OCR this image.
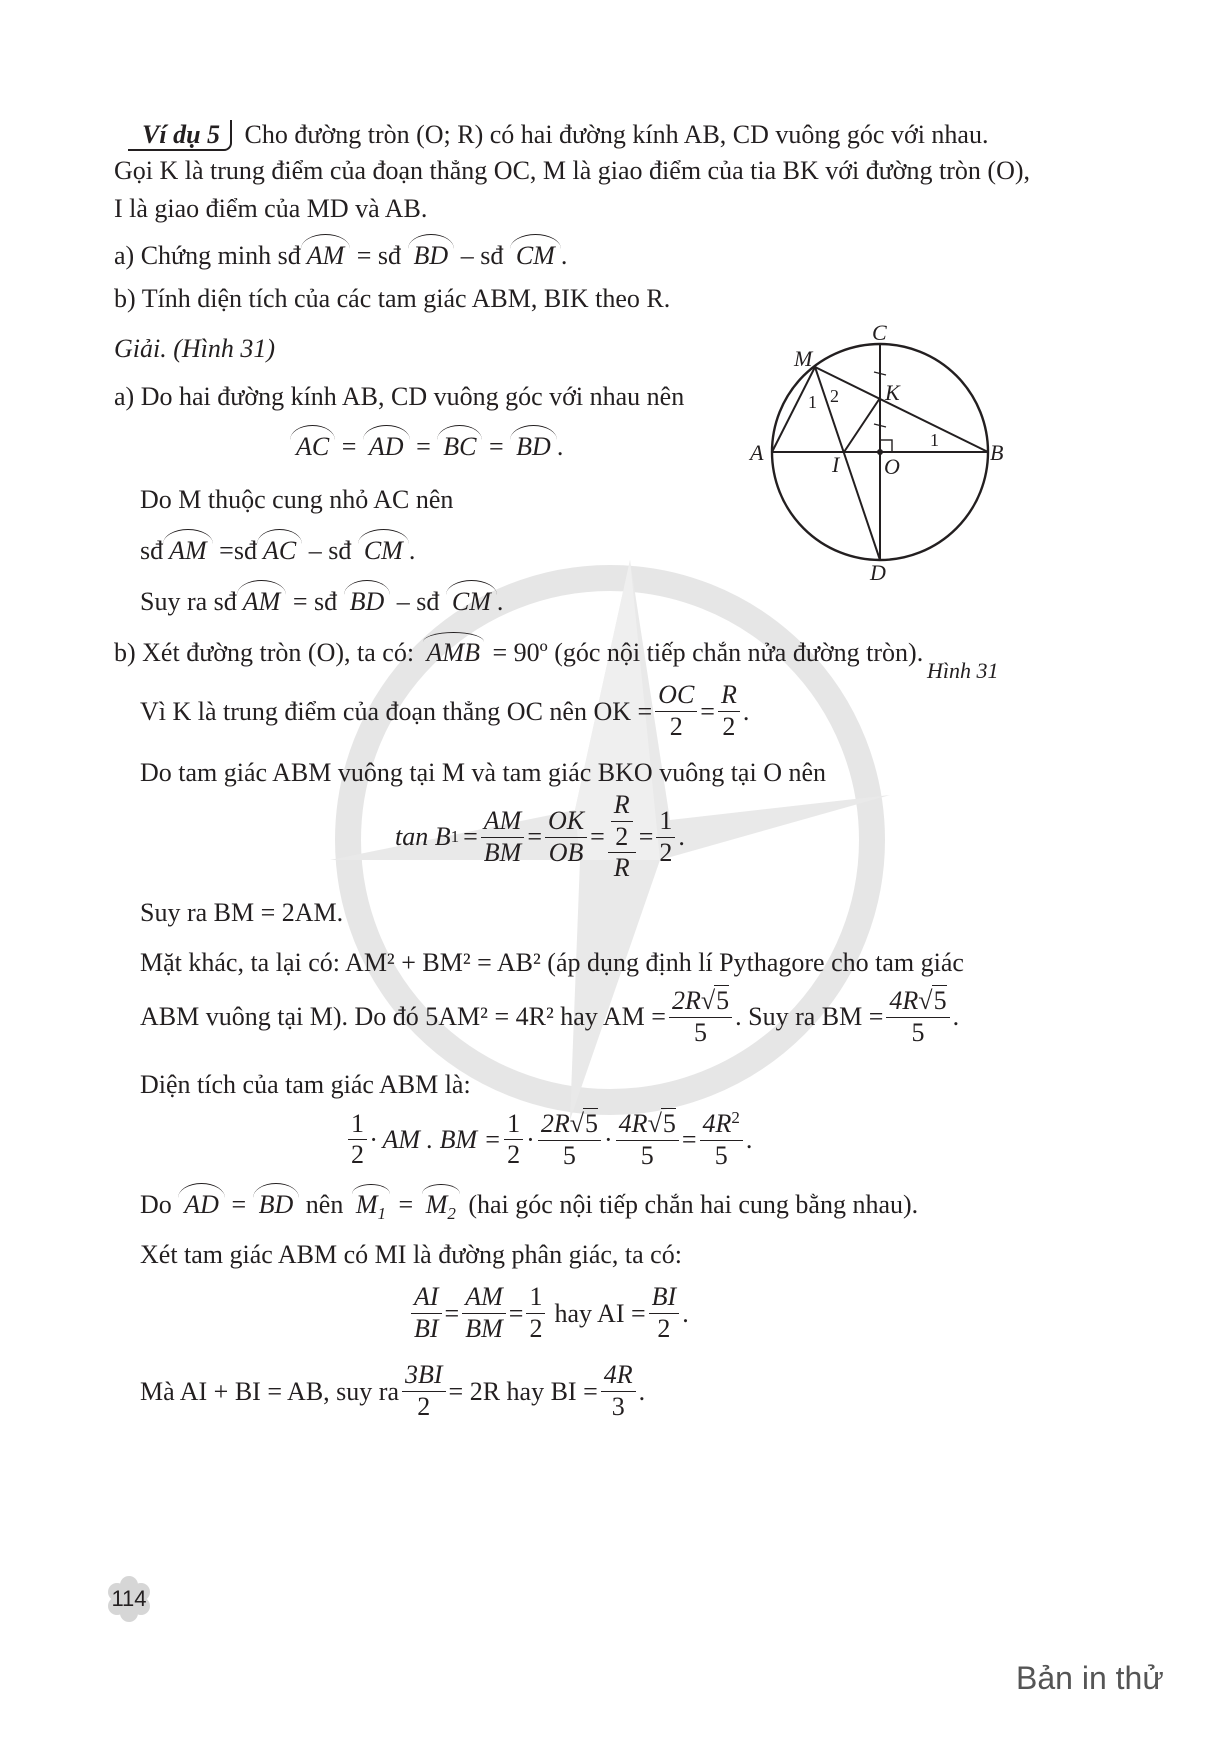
Ví dụ 5 Cho đường tròn (O; R) có hai đường kính AB, CD vuông góc với nhau.
Gọi K là trung điểm của đoạn thẳng OC, M là giao điểm của tia BK với đường tròn (O),
I là giao điểm của MD và AB.
a) Chứng minh sđ AM = sđ BD – sđ CM .
b) Tính diện tích của các tam giác ABM, BIK theo R.
Giải. (Hình 31)
a) Do hai đường kính AB, CD vuông góc với nhau nên
AC = AD = BC = BD .
Do M thuộc cung nhỏ AC nên
sđ AM =sđ AC – sđ CM .
Suy ra sđ AM = sđ BD – sđ CM .
C
M
K
A	B
I O
D
1 2
1
Hình 31
b) Xét đường tròn (O), ta có: AMB = 90º (góc nội tiếp chắn nửa đường tròn).
Vì K là trung điểm của đoạn thẳng OC nên OK = $\frac{OC}{2} = \frac{R}{2}$ .
Do tam giác ABM vuông tại M và tam giác BKO vuông tại O nên
tan B $1 = \frac{AM}{BM} = \frac{OK}{OB} = \frac{\frac{R}{2}}{R} = \frac{1}{2}$ .
Suy ra BM = 2AM.
Mặt khác, ta lại có: AM² + BM² = AB² (áp dụng định lí Pythagore cho tam giác
ABM vuông tại M). Do đó 5AM² = 4R² hay AM = $\frac{2R√5}{5}$ . Suy ra BM = $\frac{4R√5}{5}$ .
Diện tích của tam giác ABM là:
$\frac{1}{2}$ · AM . BM = $\frac{1}{2} \cdot \frac{2R√5}{5} \cdot \frac{4R√5}{5} = \frac{4R^2}{5}$ .
Do AD = BD nên $M_1 = M_2$ (hai góc nội tiếp chắn hai cung bằng nhau).
Xét tam giác ABM có MI là đường phân giác, ta có:
$\frac{AI}{BI} = \frac{AM}{BM} = \frac{1}{2}$ hay AI = $\frac{BI}{2}$ .
Mà AI + BI = AB, suy ra $\frac{3BI}{2} = 2R$ hay BI = $\frac{4R}{3}$ .
114
Bản in thử
